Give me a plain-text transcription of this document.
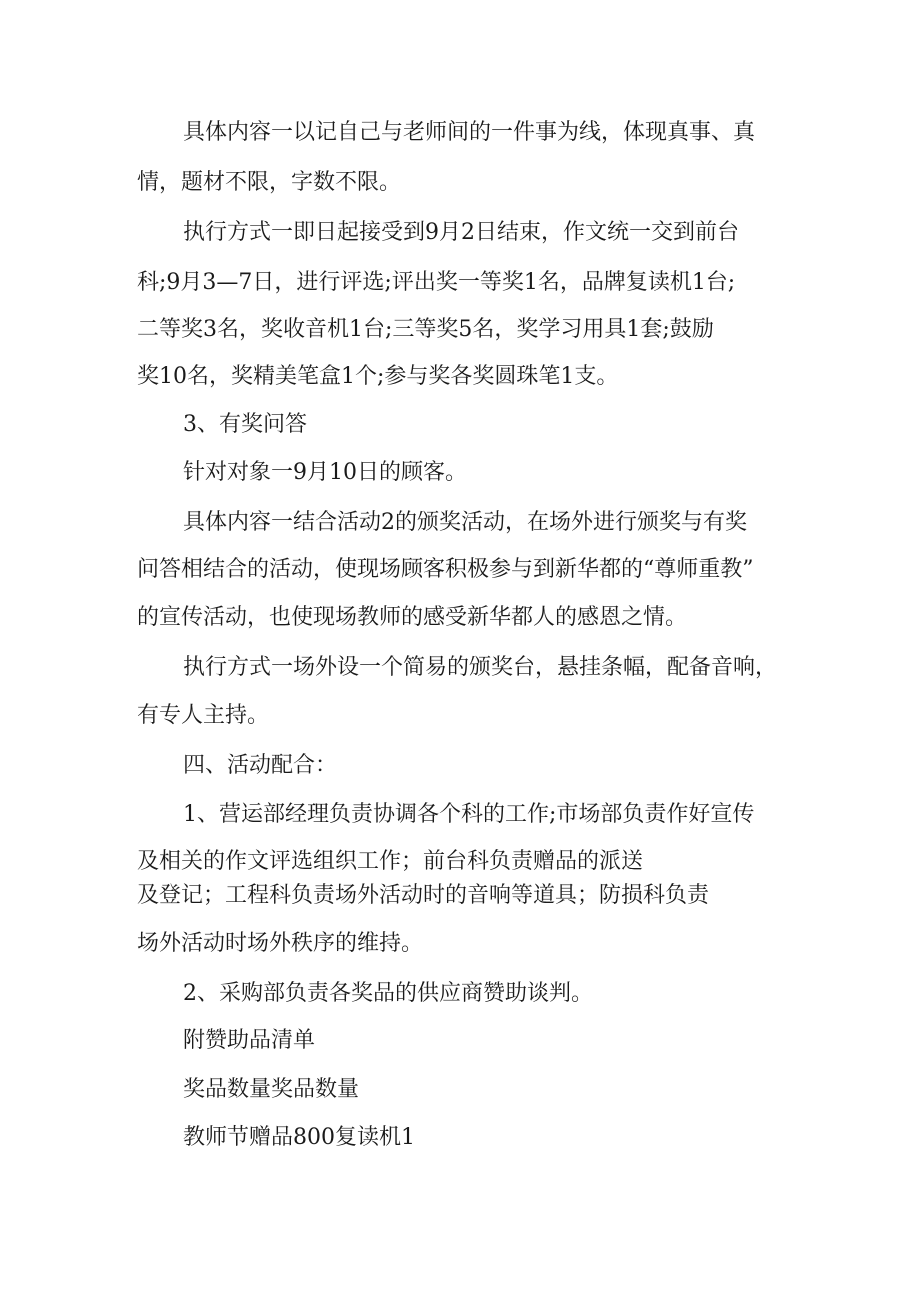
具体内容一以记自己与老师间的一件事为线，体现真事、真

情，题材不限，字数不限。

执行方式一即日起接受到9月2日结束，作文统一交到前台

科;9月3—7日，进行评选;评出奖一等奖1名，品牌复读机1台;

二等奖3名，奖收音机1台;三等奖5名，奖学习用具1套;鼓励

奖10名，奖精美笔盒1个;参与奖各奖圆珠笔1支。

3、有奖问答

针对对象一9月10日的顾客。

具体内容一结合活动2的颁奖活动，在场外进行颁奖与有奖

问答相结合的活动，使现场顾客积极参与到新华都的“尊师重教”

的宣传活动，也使现场教师的感受新华都人的感恩之情。

执行方式一场外设一个简易的颁奖台，悬挂条幅，配备音响，

有专人主持。

四、活动配合：

1、营运部经理负责协调各个科的工作;市场部负责作好宣传

及相关的作文评选组织工作；前台科负责赠品的派送

及登记；工程科负责场外活动时的音响等道具；防损科负责

场外活动时场外秩序的维持。

2、采购部负责各奖品的供应商赞助谈判。

附赞助品清单

奖品数量奖品数量

教师节赠品800复读机1
